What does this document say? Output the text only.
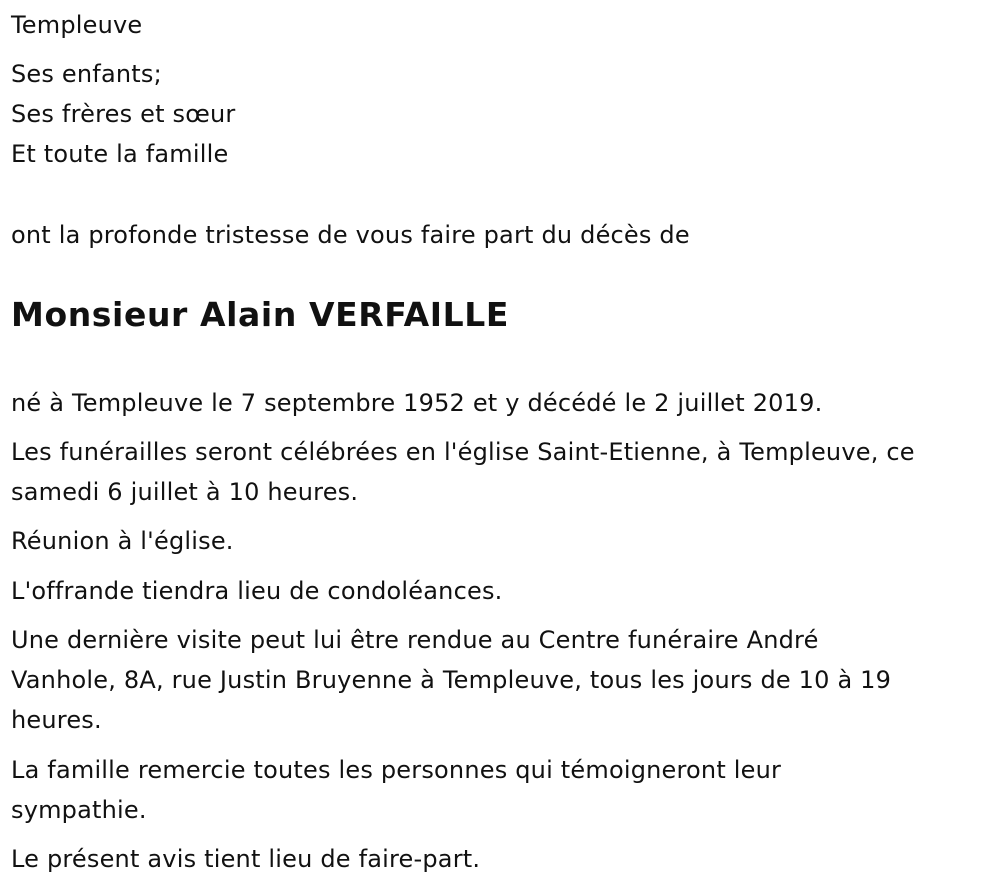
Templeuve
Ses enfants;
Ses frères et sœur
Et toute la famille
ont la profonde tristesse de vous faire part du décès de
Monsieur Alain VERFAILLE
né à Templeuve le 7 septembre 1952 et y décédé le 2 juillet 2019.
Les funérailles seront célébrées en l'église Saint-Etienne, à Templeuve, ce
samedi 6 juillet à 10 heures.
Réunion à l'église.
L'offrande tiendra lieu de condoléances.
Une dernière visite peut lui être rendue au Centre funéraire André
Vanhole, 8A, rue Justin Bruyenne à Templeuve, tous les jours de 10 à 19
heures.
La famille remercie toutes les personnes qui témoigneront leur
sympathie.
Le présent avis tient lieu de faire-part.
